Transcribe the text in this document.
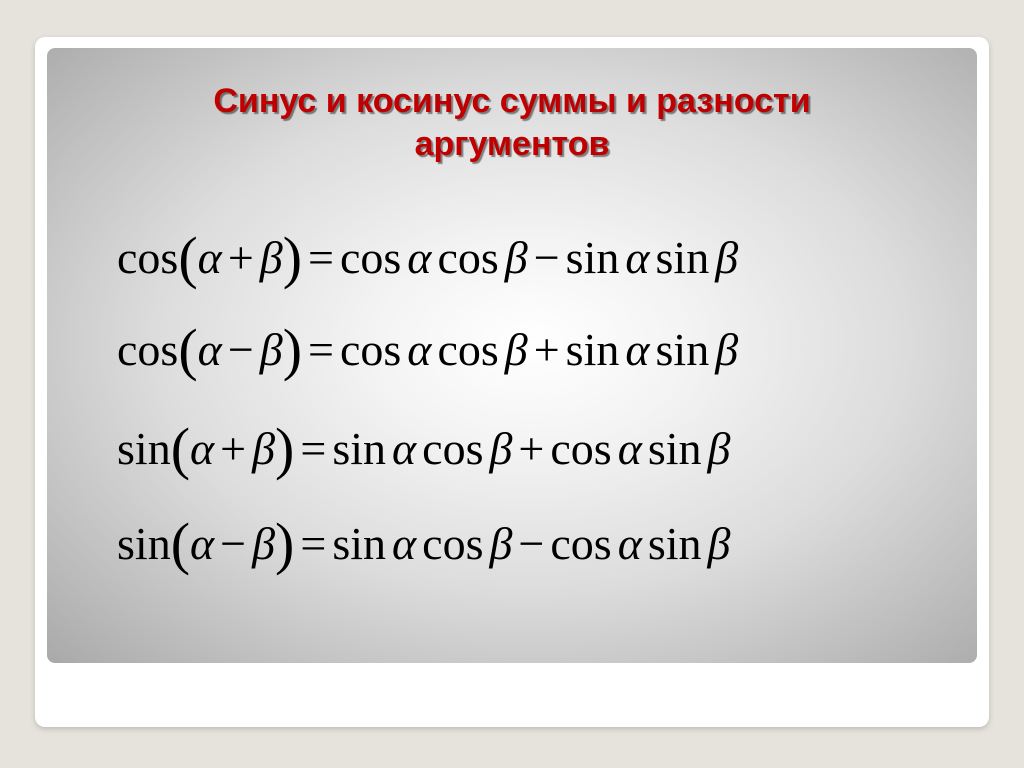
Синус и косинус суммы и разности
аргументов
cos(α + β) = cos α cos β − sin α sin β
cos(α − β) = cos α cos β + sin α sin β
sin(α + β) = sin α cos β + cos α sin β
sin(α − β) = sin α cos β − cos α sin β
